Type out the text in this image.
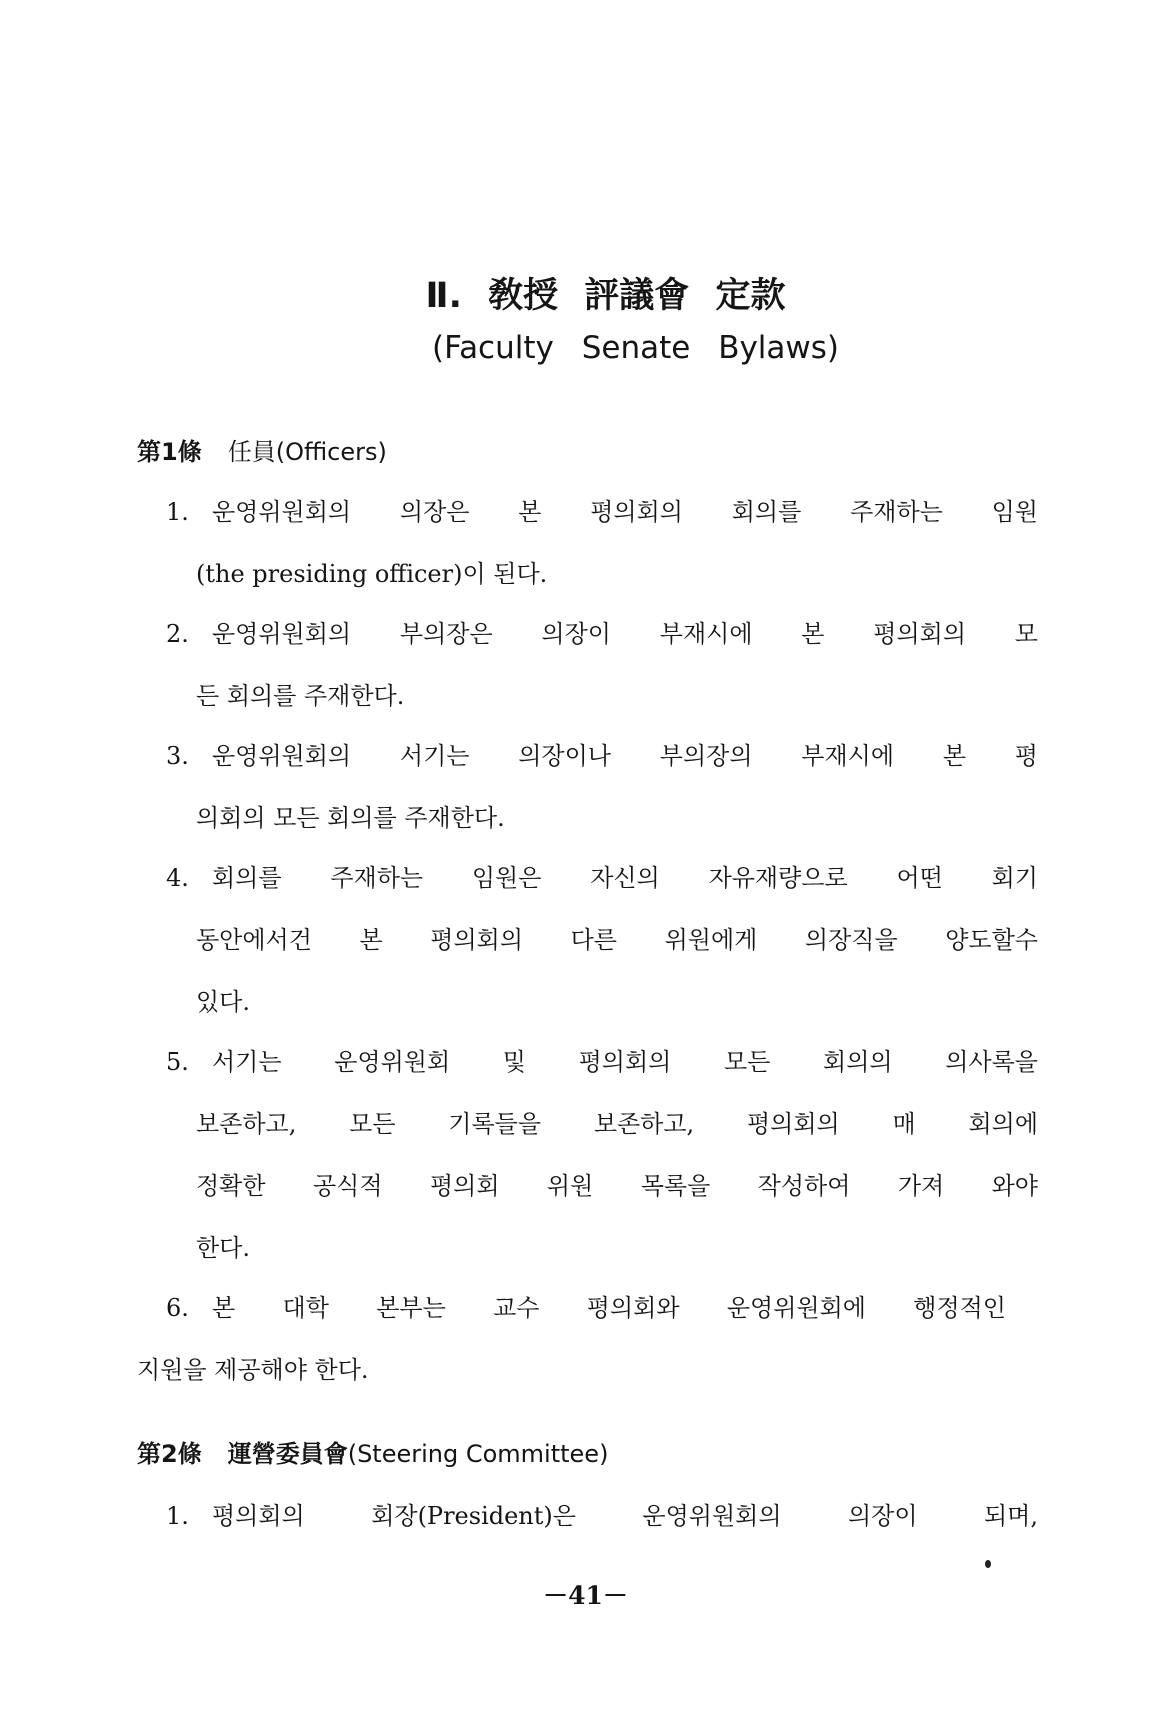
Ⅱ. 敎授 評議會 定款
(Faculty Senate Bylaws)
第1條 任員(Officers)
1. 운영위원회의 의장은 본 평의회의 회의를 주재하는 임원
(the presiding officer)이 된다.
2. 운영위원회의 부의장은 의장이 부재시에 본 평의회의 모
든 회의를 주재한다.
3. 운영위원회의 서기는 의장이나 부의장의 부재시에 본 평
의회의 모든 회의를 주재한다.
4. 회의를 주재하는 임원은 자신의 자유재량으로 어떤 회기
동안에서건 본 평의회의 다른 위원에게 의장직을 양도할수
있다.
5. 서기는 운영위원회 및 평의회의 모든 회의의 의사록을
보존하고, 모든 기록들을 보존하고, 평의회의 매 회의에
정확한 공식적 평의회 위원 목록을 작성하여 가져 와야
한다.
6. 본 대학 본부는 교수 평의회와 운영위원회에 행정적인
지원을 제공해야 한다.
第2條 運營委員會(Steering Committee)
1. 평의회의 회장(President)은 운영위원회의 의장이 되며,
－41－
